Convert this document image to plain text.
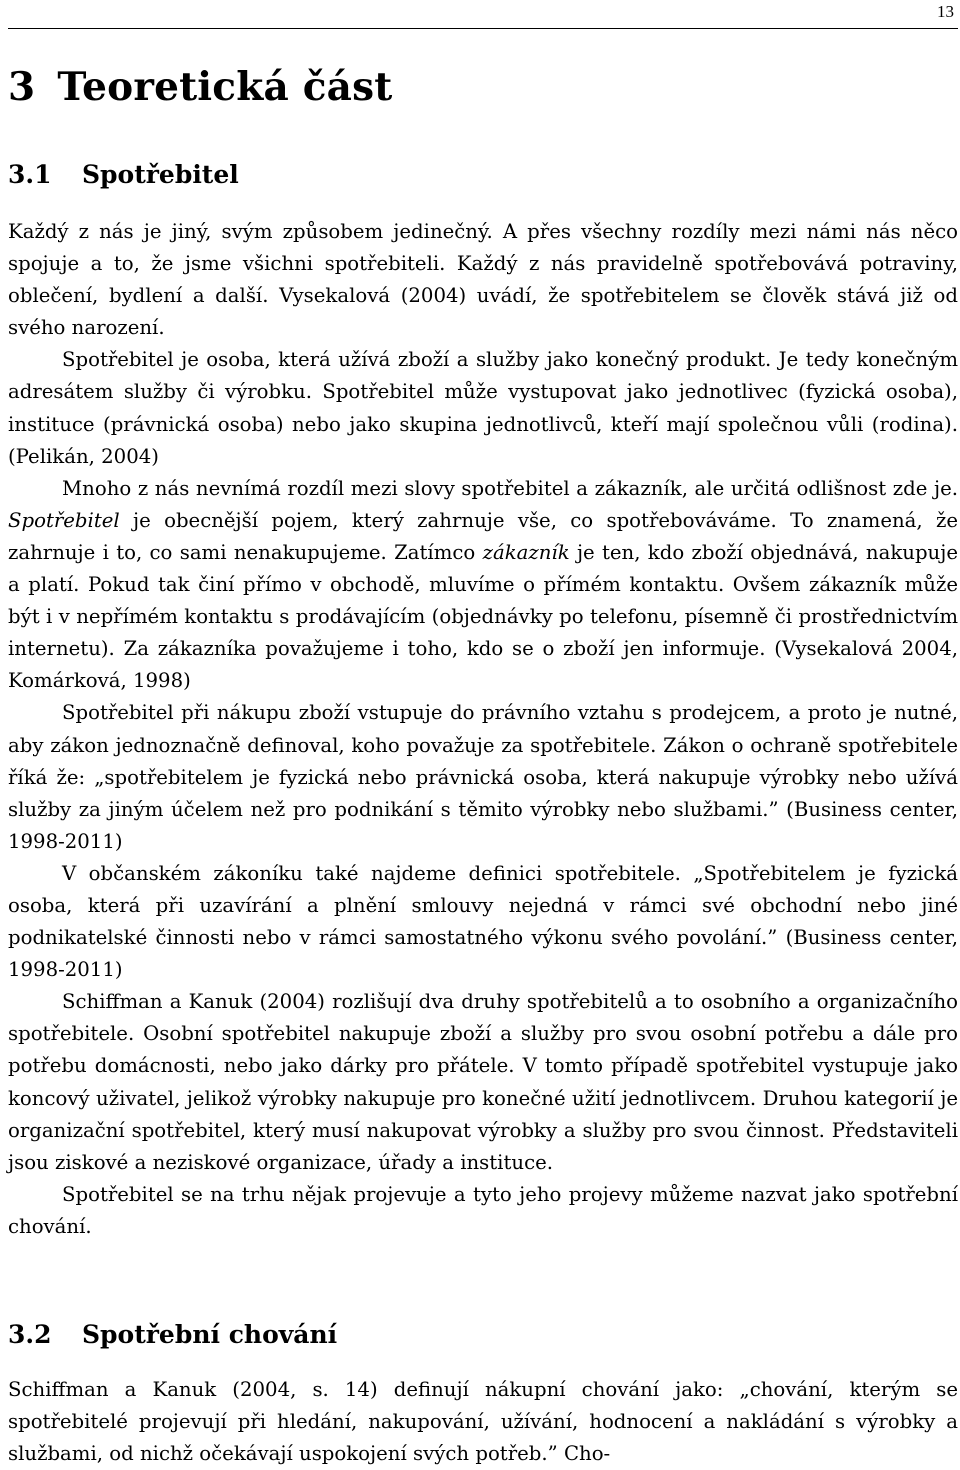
13
3 Teoretická část
3.1 Spotřebitel

Každý z nás je jiný, svým způsobem jedinečný. A přes všechny rozdíly mezi námi nás něco spojuje a to, že jsme všichni spotřebiteli. Každý z nás pravidelně spotřebovává potraviny, oblečení, bydlení a další. Vysekalová (2004) uvádí, že spotřebitelem se člověk stává již od svého narození.

Spotřebitel je osoba, která užívá zboží a služby jako konečný produkt. Je tedy konečným adresátem služby či výrobku. Spotřebitel může vystupovat jako jednotlivec (fyzická osoba), instituce (právnická osoba) nebo jako skupina jednotlivců, kteří mají společnou vůli (rodina). (Pelikán, 2004)

Mnoho z nás nevnímá rozdíl mezi slovy spotřebitel a zákazník, ale určitá odlišnost zde je. Spotřebitel je obecnější pojem, který zahrnuje vše, co spotřebováváme. To znamená, že zahrnuje i to, co sami nenakupujeme. Zatímco zákazník je ten, kdo zboží objednává, nakupuje a platí. Pokud tak činí přímo v obchodě, mluvíme o přímém kontaktu. Ovšem zákazník může být i v nepřímém kontaktu s prodávajícím (objednávky po telefonu, písemně či prostřednictvím internetu). Za zákazníka považujeme i toho, kdo se o zboží jen informuje. (Vysekalová 2004, Komárková, 1998)

Spotřebitel při nákupu zboží vstupuje do právního vztahu s prodejcem, a proto je nutné, aby zákon jednoznačně definoval, koho považuje za spotřebitele. Zákon o ochraně spotřebitele říká že: „spotřebitelem je fyzická nebo právnická osoba, která nakupuje výrobky nebo užívá služby za jiným účelem než pro podnikání s těmito výrobky nebo službami.” (Business center, 1998-2011)

V občanském zákoníku také najdeme definici spotřebitele. „Spotřebitelem je fyzická osoba, která při uzavírání a plnění smlouvy nejedná v rámci své obchodní nebo jiné podnikatelské činnosti nebo v rámci samostatného výkonu svého povolání.” (Business center, 1998-2011)

Schiffman a Kanuk (2004) rozlišují dva druhy spotřebitelů a to osobního a organizačního spotřebitele. Osobní spotřebitel nakupuje zboží a služby pro svou osobní potřebu a dále pro potřebu domácnosti, nebo jako dárky pro přátele. V tomto případě spotřebitel vystupuje jako koncový uživatel, jelikož výrobky nakupuje pro konečné užití jednotlivcem. Druhou kategorií je organizační spotřebitel, který musí nakupovat výrobky a služby pro svou činnost. Představiteli jsou ziskové a neziskové organizace, úřady a instituce.

Spotřebitel se na trhu nějak projevuje a tyto jeho projevy můžeme nazvat jako spotřební chování.

3.2 Spotřební chování

Schiffman a Kanuk (2004, s. 14) definují nákupní chování jako: „chování, kterým se spotřebitelé projevují při hledání, nakupování, užívání, hodnocení a nakládání s výrobky a službami, od nichž očekávají uspokojení svých potřeb.” Cho-
